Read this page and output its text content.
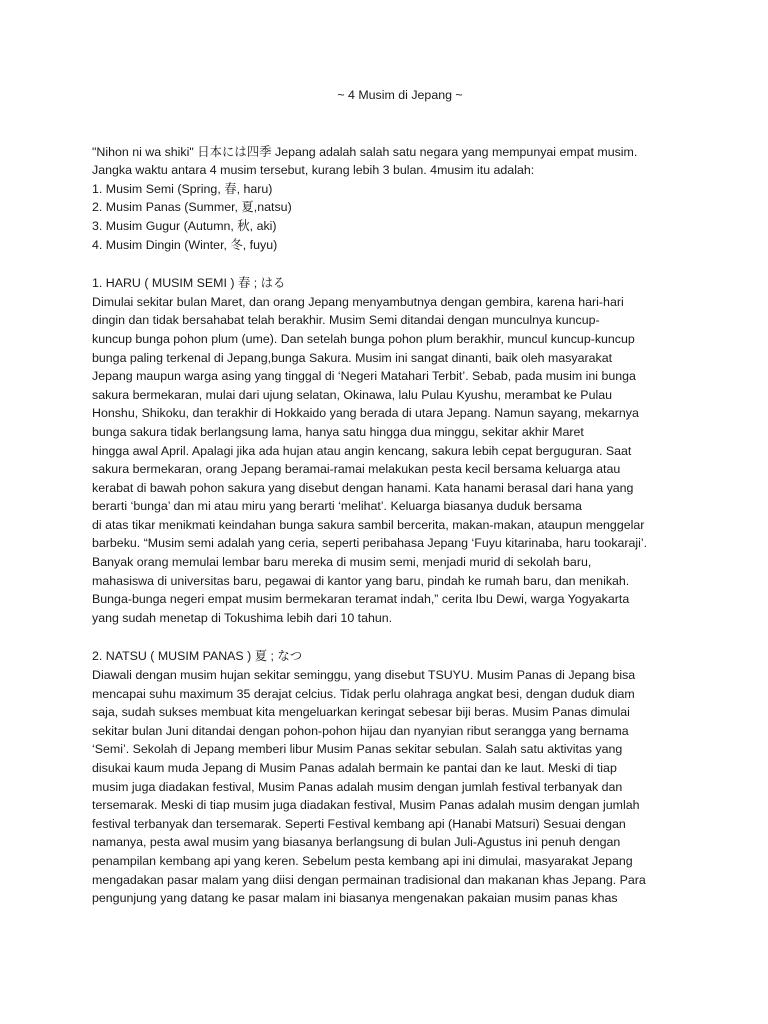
~ 4 Musim di Jepang ~
"Nihon ni wa shiki" 日本には四季 Jepang adalah salah satu negara yang mempunyai empat musim.
Jangka waktu antara 4 musim tersebut, kurang lebih 3 bulan. 4musim itu adalah:
1. Musim Semi (Spring, 春, haru)
2. Musim Panas (Summer, 夏,natsu)
3. Musim Gugur (Autumn, 秋, aki)
4. Musim Dingin (Winter, 冬, fuyu)
1. HARU ( MUSIM SEMI ) 春 ; はる
Dimulai sekitar bulan Maret, dan orang Jepang menyambutnya dengan gembira, karena hari-hari
dingin dan tidak bersahabat telah berakhir. Musim Semi ditandai dengan munculnya kuncup-
kuncup bunga pohon plum (ume). Dan setelah bunga pohon plum berakhir, muncul kuncup-kuncup
bunga paling terkenal di Jepang,bunga Sakura. Musim ini sangat dinanti, baik oleh masyarakat
Jepang maupun warga asing yang tinggal di ‘Negeri Matahari Terbit’. Sebab, pada musim ini bunga
sakura bermekaran, mulai dari ujung selatan, Okinawa, lalu Pulau Kyushu, merambat ke Pulau
Honshu, Shikoku, dan terakhir di Hokkaido yang berada di utara Jepang. Namun sayang, mekarnya
bunga sakura tidak berlangsung lama, hanya satu hingga dua minggu, sekitar akhir Maret
hingga awal April. Apalagi jika ada hujan atau angin kencang, sakura lebih cepat berguguran. Saat
sakura bermekaran, orang Jepang beramai-ramai melakukan pesta kecil bersama keluarga atau
kerabat di bawah pohon sakura yang disebut dengan hanami. Kata hanami berasal dari hana yang
berarti ‘bunga’ dan mi atau miru yang berarti ‘melihat’. Keluarga biasanya duduk bersama
di atas tikar menikmati keindahan bunga sakura sambil bercerita, makan-makan, ataupun menggelar
barbeku. “Musim semi adalah yang ceria, seperti peribahasa Jepang ‘Fuyu kitarinaba, haru tookaraji’.
Banyak orang memulai lembar baru mereka di musim semi, menjadi murid di sekolah baru,
mahasiswa di universitas baru, pegawai di kantor yang baru, pindah ke rumah baru, dan menikah.
Bunga-bunga negeri empat musim bermekaran teramat indah,” cerita Ibu Dewi, warga Yogyakarta
yang sudah menetap di Tokushima lebih dari 10 tahun.
2. NATSU ( MUSIM PANAS ) 夏 ; なつ
Diawali dengan musim hujan sekitar seminggu, yang disebut TSUYU. Musim Panas di Jepang bisa
mencapai suhu maximum 35 derajat celcius. Tidak perlu olahraga angkat besi, dengan duduk diam
saja, sudah sukses membuat kita mengeluarkan keringat sebesar biji beras. Musim Panas dimulai
sekitar bulan Juni ditandai dengan pohon-pohon hijau dan nyanyian ribut serangga yang bernama
‘Semi’. Sekolah di Jepang memberi libur Musim Panas sekitar sebulan. Salah satu aktivitas yang
disukai kaum muda Jepang di Musim Panas adalah bermain ke pantai dan ke laut. Meski di tiap
musim juga diadakan festival, Musim Panas adalah musim dengan jumlah festival terbanyak dan
tersemarak. Meski di tiap musim juga diadakan festival, Musim Panas adalah musim dengan jumlah
festival terbanyak dan tersemarak. Seperti Festival kembang api (Hanabi Matsuri) Sesuai dengan
namanya, pesta awal musim yang biasanya berlangsung di bulan Juli-Agustus ini penuh dengan
penampilan kembang api yang keren. Sebelum pesta kembang api ini dimulai, masyarakat Jepang
mengadakan pasar malam yang diisi dengan permainan tradisional dan makanan khas Jepang. Para
pengunjung yang datang ke pasar malam ini biasanya mengenakan pakaian musim panas khas
